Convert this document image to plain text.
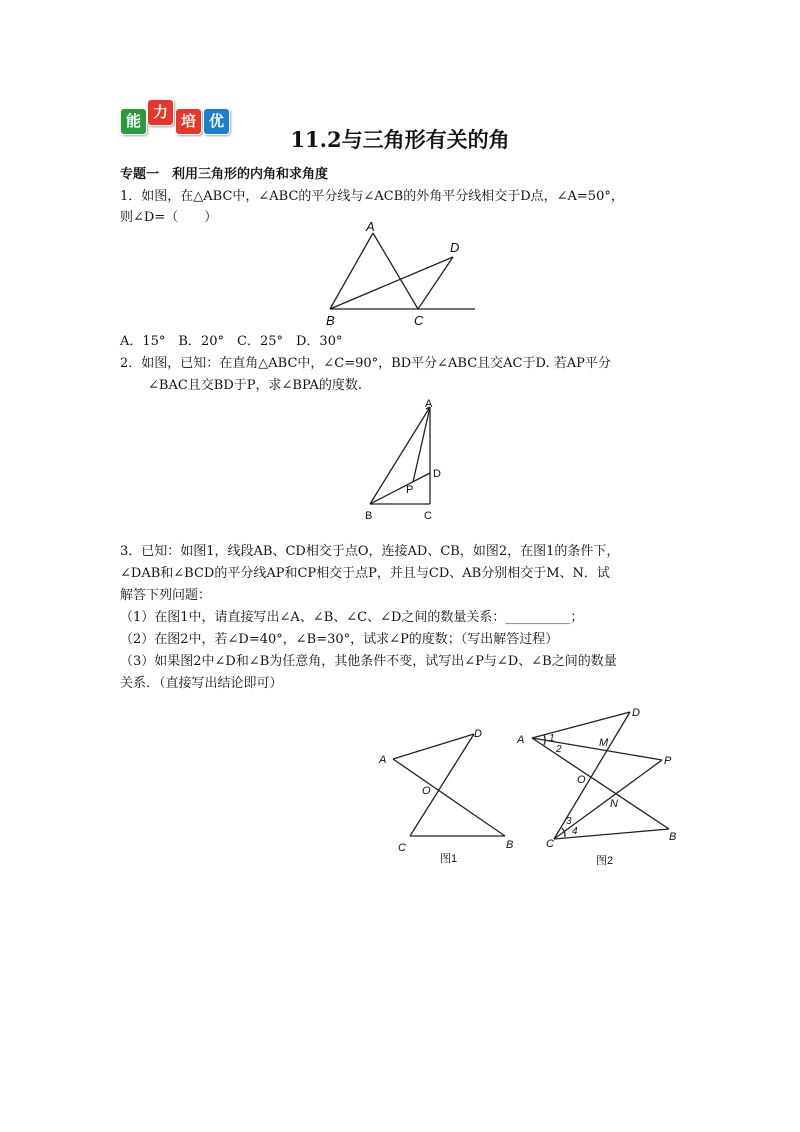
能 力 培 优
11.2与三角形有关的角
专题一　利用三角形的内角和求角度
1．如图，在△ABC中，∠ABC的平分线与∠ACB的外角平分线相交于D点，∠A=50°，
则∠D=（　　）
A
B	C
D
A．15°　B．20°　C．25°　D．30°
2．如图，已知：在直角△ABC中，∠C=90°，BD平分∠ABC且交AC于D. 若AP平分
∠BAC且交BD于P，求∠BPA的度数.
A
B	C
D
P
3．已知：如图1，线段AB、CD相交于点O，连接AD、CB，如图2，在图1的条件下，
∠DAB和∠BCD的平分线AP和CP相交于点P，并且与CD、AB分别相交于M、N．试
解答下列问题：
（1）在图1中，请直接写出∠A、∠B、∠C、∠D之间的数量关系：__________；
（2）在图2中，若∠D=40°，∠B=30°，试求∠P的度数；（写出解答过程）
（3）如果图2中∠D和∠B为任意角，其他条件不变，试写出∠P与∠D、∠B之间的数量
关系．（直接写出结论即可）
A
D
O
C	B
图1
A
D
M
P
O
N
C
B
1
2
3
4
图2
